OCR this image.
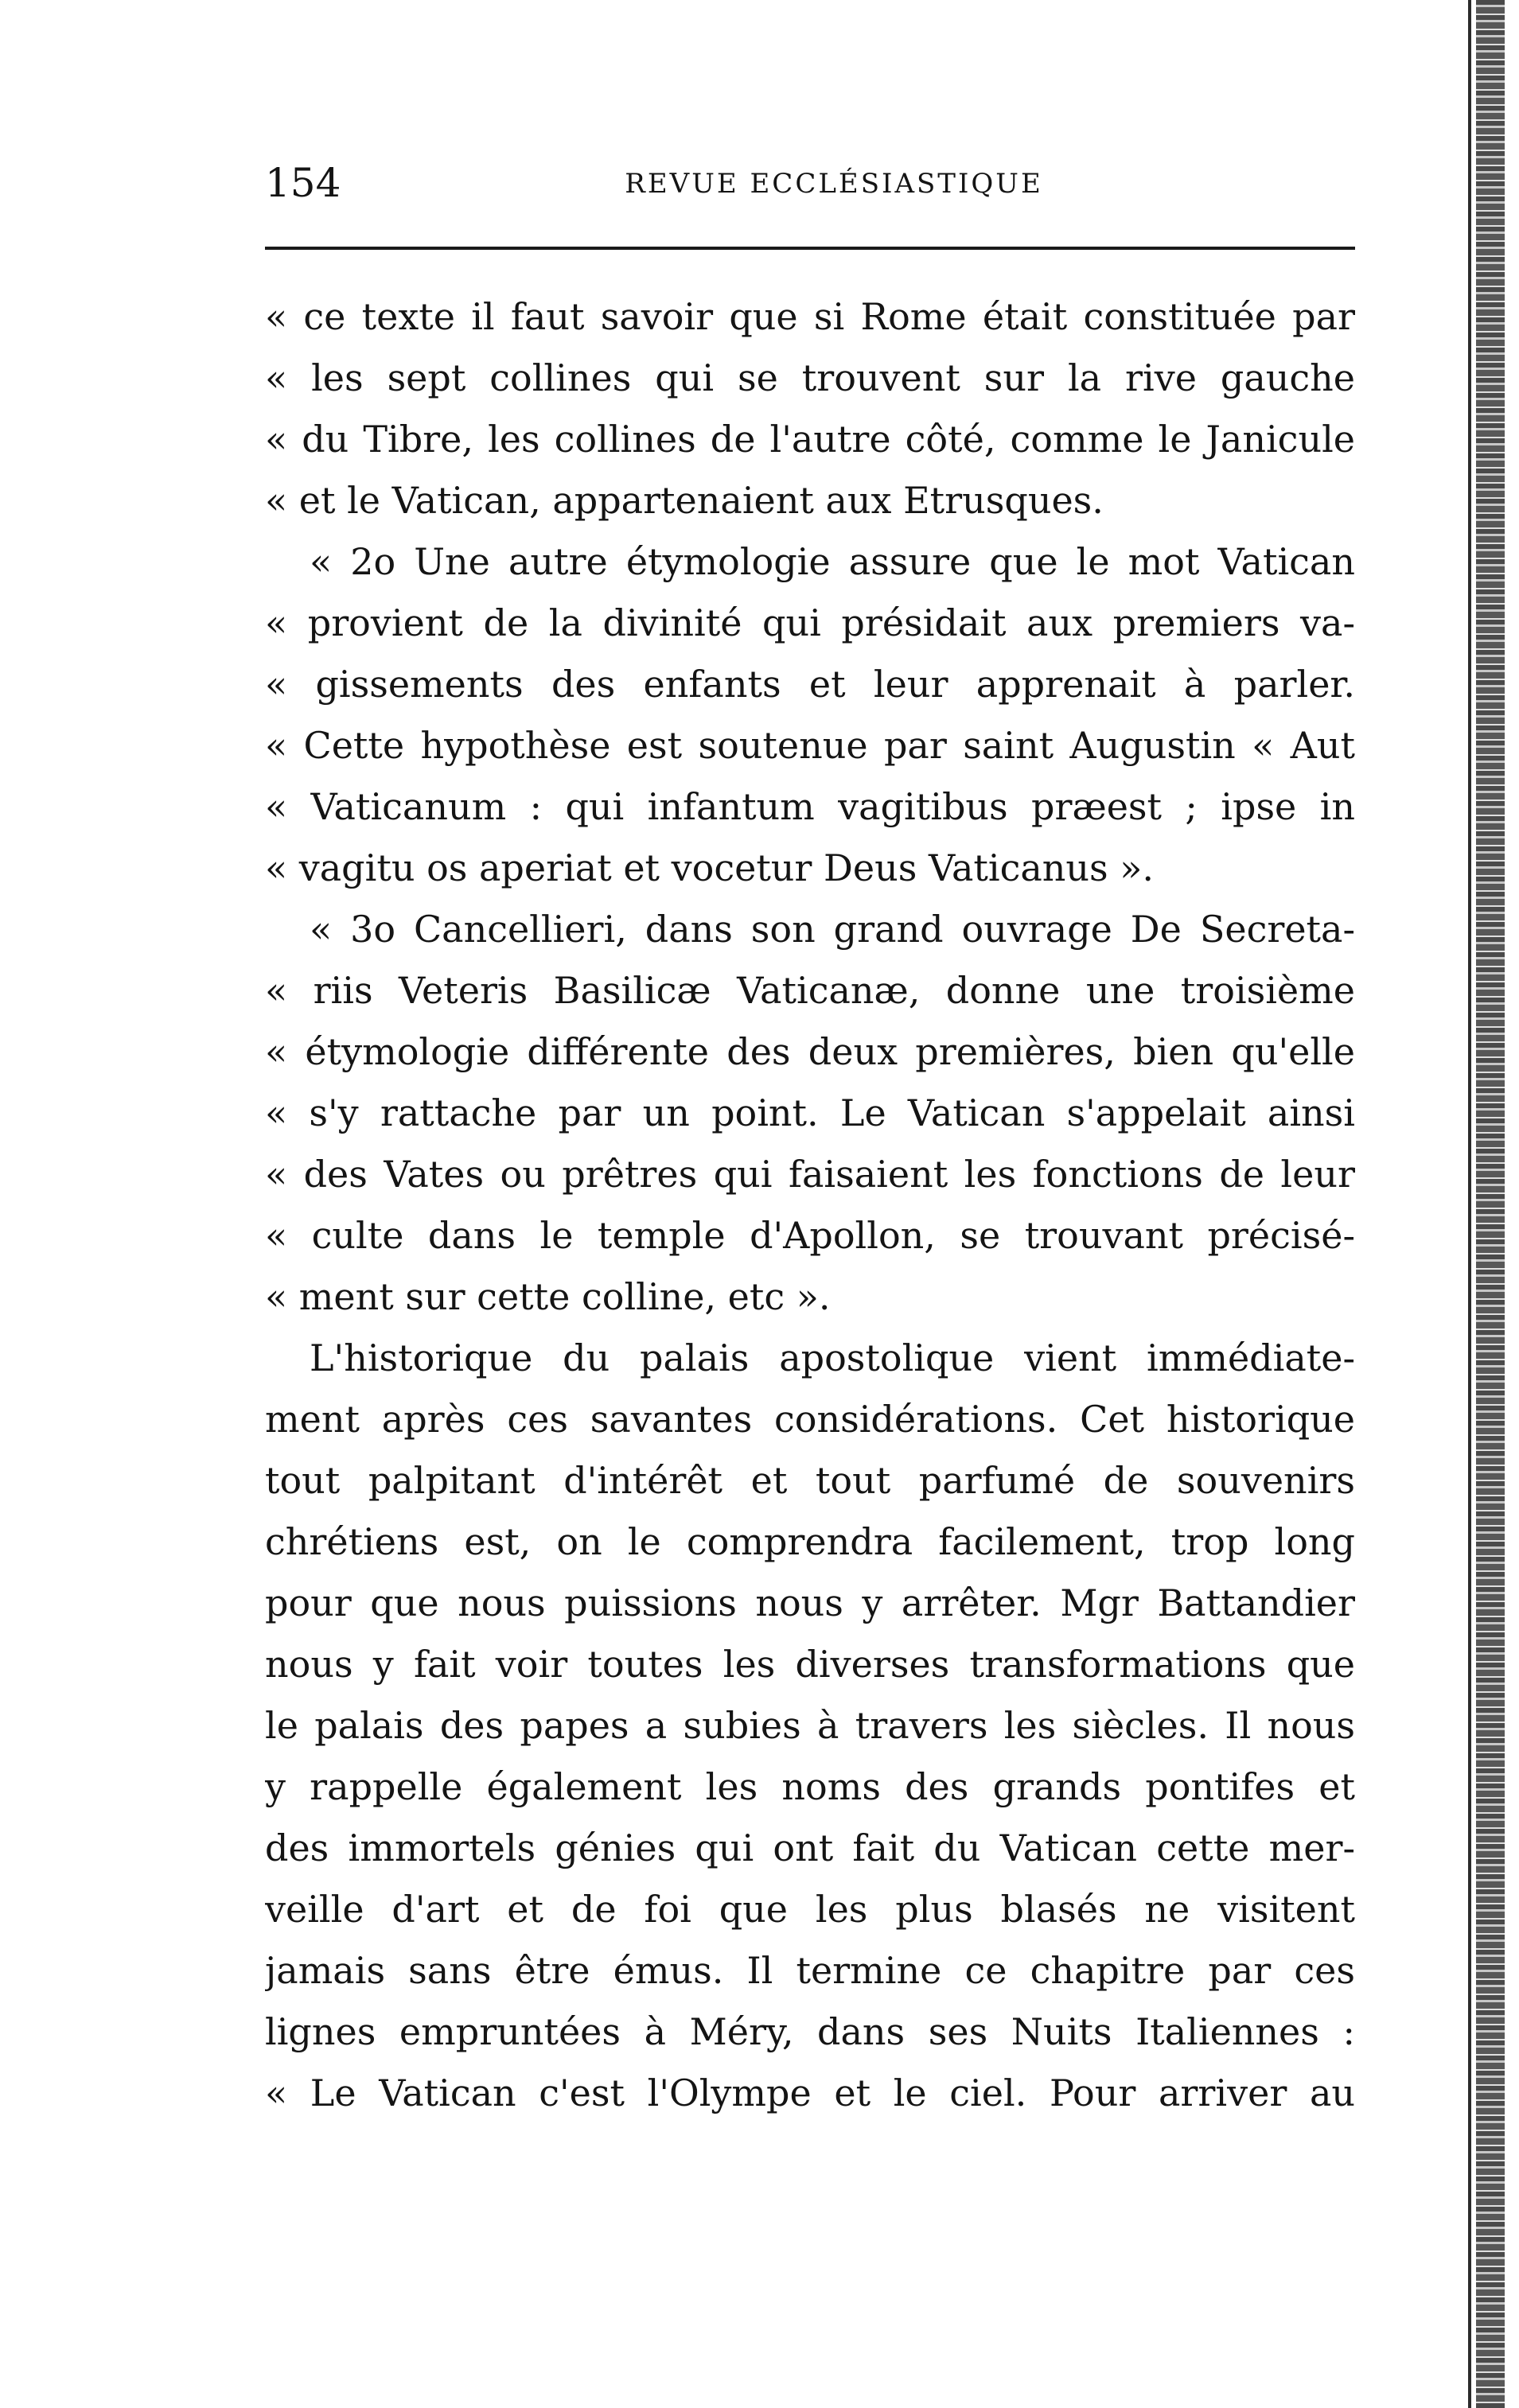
154	REVUE ECCLÉSIASTIQUE
« ce texte il faut savoir que si Rome était constituée par
« les sept collines qui se trouvent sur la rive gauche
« du Tibre, les collines de l'autre côté, comme le Janicule
« et le Vatican, appartenaient aux Etrusques.
« 2o Une autre étymologie assure que le mot Vatican
« provient de la divinité qui présidait aux premiers va-
« gissements des enfants et leur apprenait à parler.
« Cette hypothèse est soutenue par saint Augustin « Aut
« Vaticanum : qui infantum vagitibus præest ; ipse in
« vagitu os aperiat et vocetur Deus Vaticanus ».
« 3o Cancellieri, dans son grand ouvrage De Secreta-
« riis Veteris Basilicæ Vaticanæ, donne une troisième
« étymologie différente des deux premières, bien qu'elle
« s'y rattache par un point. Le Vatican s'appelait ainsi
« des Vates ou prêtres qui faisaient les fonctions de leur
« culte dans le temple d'Apollon, se trouvant précisé-
« ment sur cette colline, etc ».
L'historique du palais apostolique vient immédiate-
ment après ces savantes considérations. Cet historique
tout palpitant d'intérêt et tout parfumé de souvenirs
chrétiens est, on le comprendra facilement, trop long
pour que nous puissions nous y arrêter. Mgr Battandier
nous y fait voir toutes les diverses transformations que
le palais des papes a subies à travers les siècles. Il nous
y rappelle également les noms des grands pontifes et
des immortels génies qui ont fait du Vatican cette mer-
veille d'art et de foi que les plus blasés ne visitent
jamais sans être émus. Il termine ce chapitre par ces
lignes empruntées à Méry, dans ses Nuits Italiennes :
« Le Vatican c'est l'Olympe et le ciel. Pour arriver au
